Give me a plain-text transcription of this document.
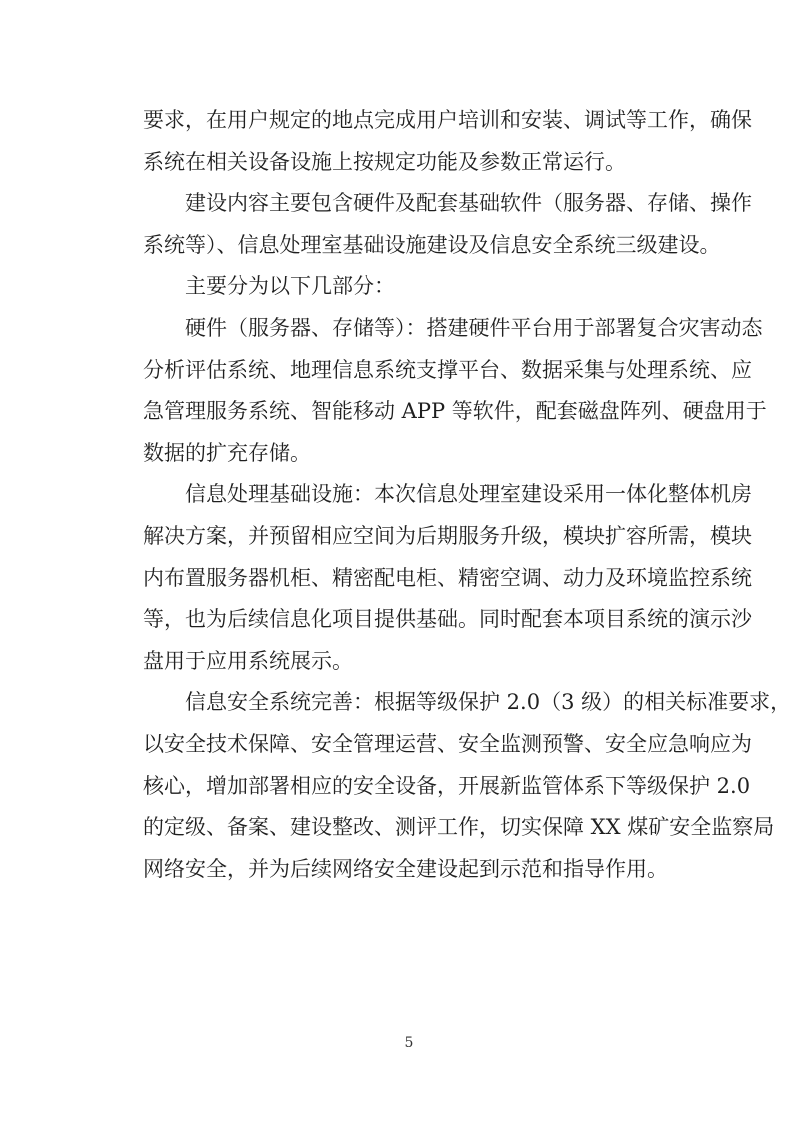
要求，在用户规定的地点完成用户培训和安装、调试等工作，确保
系统在相关设备设施上按规定功能及参数正常运行。
建设内容主要包含硬件及配套基础软件（服务器、存储、操作
系统等）、信息处理室基础设施建设及信息安全系统三级建设。
主要分为以下几部分：
硬件（服务器、存储等）：搭建硬件平台用于部署复合灾害动态
分析评估系统、地理信息系统支撑平台、数据采集与处理系统、应
急管理服务系统、智能移动 APP 等软件，配套磁盘阵列、硬盘用于
数据的扩充存储。
信息处理基础设施：本次信息处理室建设采用一体化整体机房
解决方案，并预留相应空间为后期服务升级，模块扩容所需，模块
内布置服务器机柜、精密配电柜、精密空调、动力及环境监控系统
等，也为后续信息化项目提供基础。同时配套本项目系统的演示沙
盘用于应用系统展示。
信息安全系统完善：根据等级保护 2.0（3 级）的相关标准要求，
以安全技术保障、安全管理运营、安全监测预警、安全应急响应为
核心，增加部署相应的安全设备，开展新监管体系下等级保护 2.0
的定级、备案、建设整改、测评工作，切实保障 XX 煤矿安全监察局
网络安全，并为后续网络安全建设起到示范和指导作用。
5
